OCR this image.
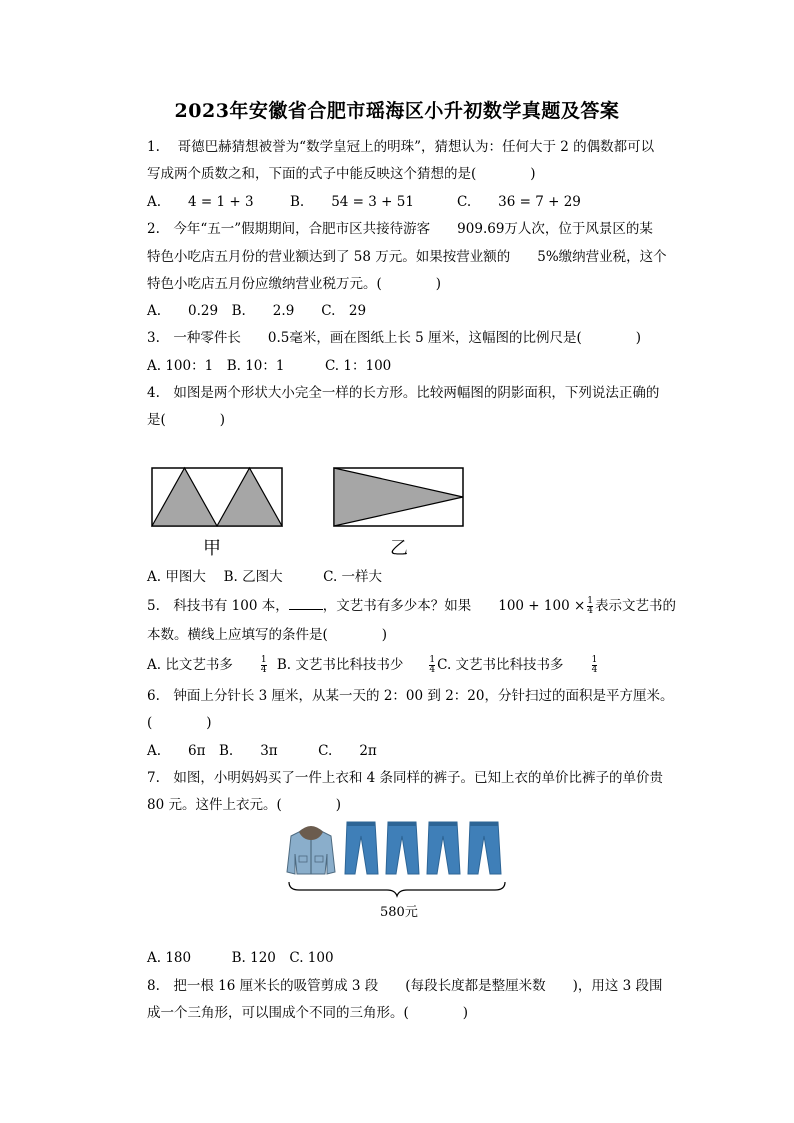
2023年安徽省合肥市瑶海区小升初数学真题及答案
1.　 哥德巴赫猜想被誉为“数学皇冠上的明珠”，猜想认为：任何大于 2 的偶数都可以
写成两个质数之和，下面的式子中能反映这个猜想的是(　　　　)
A.　　4 = 1 + 3	B.　　54 = 3 + 51	C.　　36 = 7 + 29
2.　今年“五一”假期期间，合肥市区共接待游客　　909.69万人次，位于风景区的某
特色小吃店五月份的营业额达到了 58 万元。如果按营业额的　　5%缴纳营业税，这个
特色小吃店五月份应缴纳营业税万元。(　　　　)
A.　　0.29　B.　　2.9　　C.　29
3.　一种零件长　　0.5毫米，画在图纸上长 5 厘米，这幅图的比例尺是(　　　　)
A. 100：1　B. 10：1　　　C. 1：100
4.　如图是两个形状大小完全一样的长方形。比较两幅图的阴影面积，下列说法正确的
是(　　　　)
甲	乙
A. 甲图大　 B. 乙图大　　　C. 一样大
5.　科技书有 100 本，	，文艺书有多少本？如果　　$100 + 100 \times \frac{1}{4}$ 表示文艺书的
本数。横线上应填写的条件是(　　　　)
A. 比文艺书多	$\frac{1}{4} B$. 文艺书比科技书少	$\frac{1}{4} C$. 文艺书比科技书多	$\frac{1}{4}$
6.　钟面上分针长 3 厘米，从某一天的 2：00 到 2：20，分针扫过的面积是平方厘米。
(　　　　)
A.　　6π　B.　　3π　　　C.　　2π
7.　如图，小明妈妈买了一件上衣和 4 条同样的裤子。已知上衣的单价比裤子的单价贵
80 元。这件上衣元。(　　　　)
580元
A. 180　　　B. 120　C. 100
8.　把一根 16 厘米长的吸管剪成 3 段　　(每段长度都是整厘米数　　)，用这 3 段围
成一个三角形，可以围成个不同的三角形。(　　　　)
